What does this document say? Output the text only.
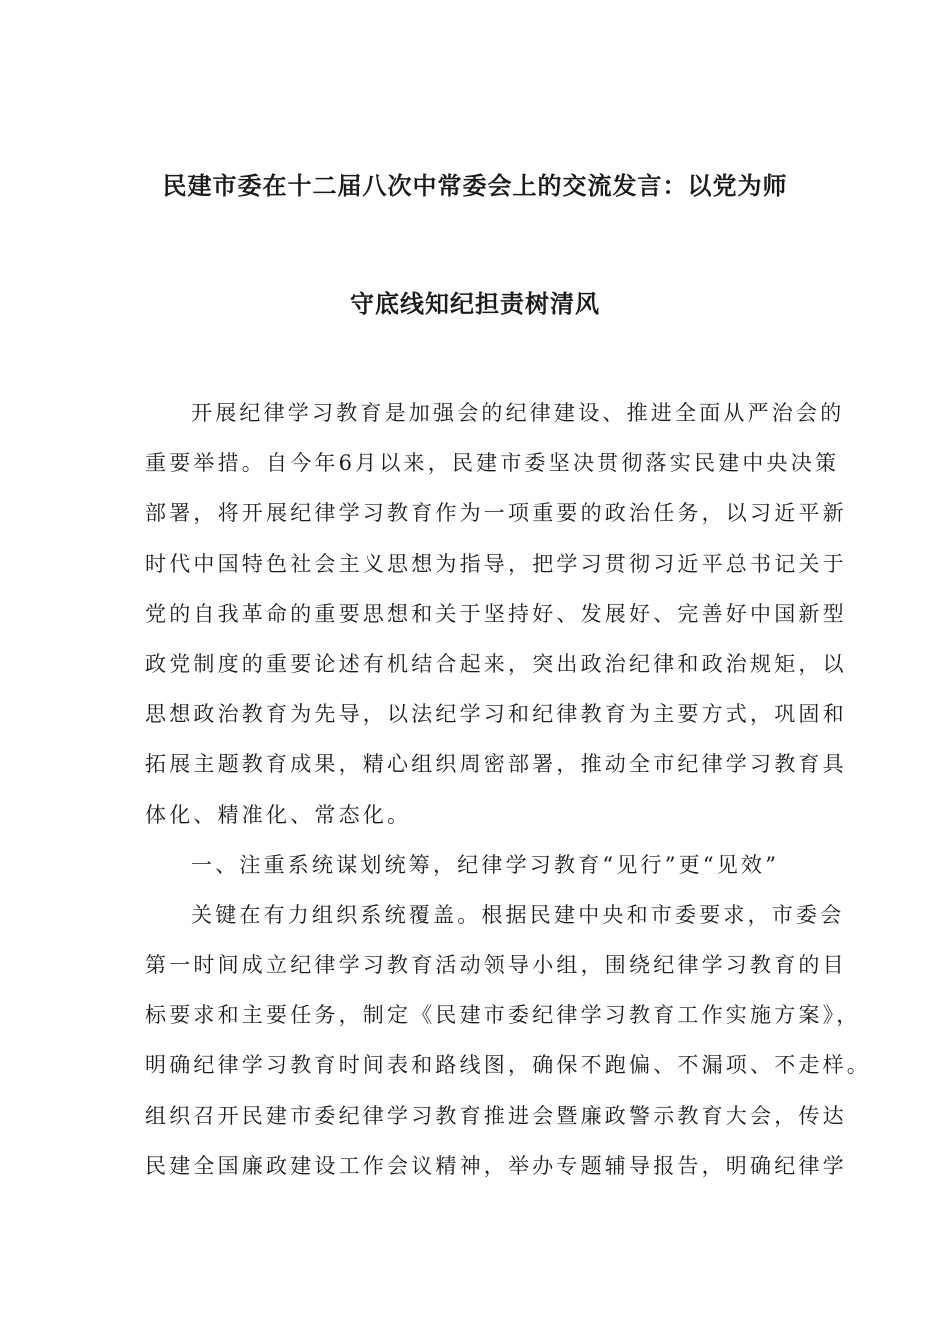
民建市委在十二届八次中常委会上的交流发言：以党为师
守底线知纪担责树清风
开展纪律学习教育是加强会的纪律建设、推进全面从严治会的
重要举措。自今年6月以来，民建市委坚决贯彻落实民建中央决策
部署，将开展纪律学习教育作为一项重要的政治任务，以习近平新
时代中国特色社会主义思想为指导，把学习贯彻习近平总书记关于
党的自我革命的重要思想和关于坚持好、发展好、完善好中国新型
政党制度的重要论述有机结合起来，突出政治纪律和政治规矩，以
思想政治教育为先导，以法纪学习和纪律教育为主要方式，巩固和
拓展主题教育成果，精心组织周密部署，推动全市纪律学习教育具
体化、精准化、常态化。
一、注重系统谋划统筹，纪律学习教育“见行”更“见效”
关键在有力组织系统覆盖。根据民建中央和市委要求，市委会
第一时间成立纪律学习教育活动领导小组，围绕纪律学习教育的目
标要求和主要任务，制定《民建市委纪律学习教育工作实施方案》，
明确纪律学习教育时间表和路线图，确保不跑偏、不漏项、不走样。
组织召开民建市委纪律学习教育推进会暨廉政警示教育大会，传达
民建全国廉政建设工作会议精神，举办专题辅导报告，明确纪律学
